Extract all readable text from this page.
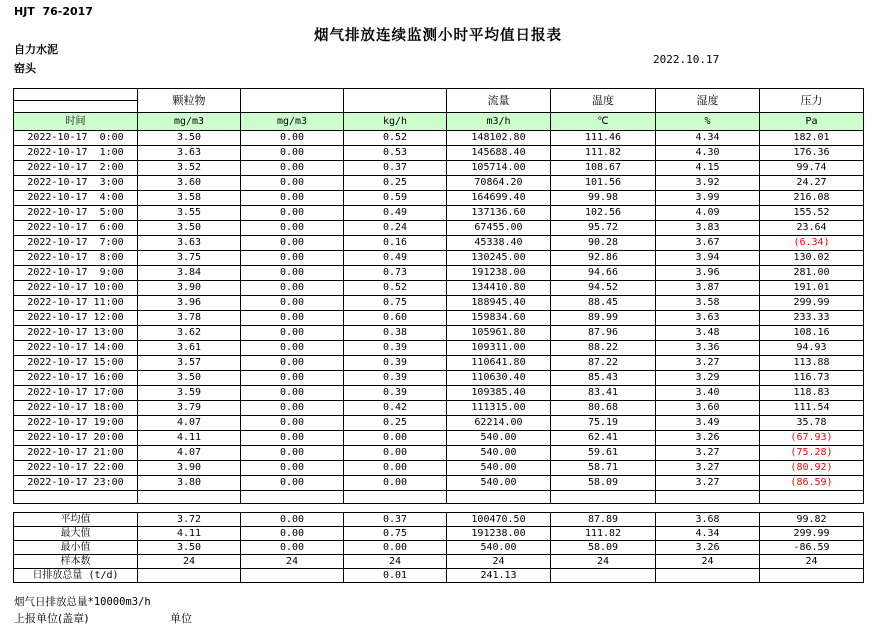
HJT  76-2017
烟气排放连续监测小时平均值日报表
自力水泥
窑头
2022.10.17
	颗粒物			流量	温度	湿度	压力
时间	mg/m3	mg/m3	kg/h	m3/h	℃	%	Pa
2022-10-17  0:00	3.50	0.00	0.52	148102.80	111.46	4.34	182.01
2022-10-17  1:00	3.63	0.00	0.53	145688.40	111.82	4.30	176.36
2022-10-17  2:00	3.52	0.00	0.37	105714.00	108.67	4.15	99.74
2022-10-17  3:00	3.60	0.00	0.25	70864.20	101.56	3.92	24.27
2022-10-17  4:00	3.58	0.00	0.59	164699.40	99.98	3.99	216.08
2022-10-17  5:00	3.55	0.00	0.49	137136.60	102.56	4.09	155.52
2022-10-17  6:00	3.50	0.00	0.24	67455.00	95.72	3.83	23.64
2022-10-17  7:00	3.63	0.00	0.16	45338.40	90.28	3.67	(6.34)
2022-10-17  8:00	3.75	0.00	0.49	130245.00	92.86	3.94	130.02
2022-10-17  9:00	3.84	0.00	0.73	191238.00	94.66	3.96	281.00
2022-10-17 10:00	3.90	0.00	0.52	134410.80	94.52	3.87	191.01
2022-10-17 11:00	3.96	0.00	0.75	188945.40	88.45	3.58	299.99
2022-10-17 12:00	3.78	0.00	0.60	159834.60	89.99	3.63	233.33
2022-10-17 13:00	3.62	0.00	0.38	105961.80	87.96	3.48	108.16
2022-10-17 14:00	3.61	0.00	0.39	109311.00	88.22	3.36	94.93
2022-10-17 15:00	3.57	0.00	0.39	110641.80	87.22	3.27	113.88
2022-10-17 16:00	3.50	0.00	0.39	110630.40	85.43	3.29	116.73
2022-10-17 17:00	3.59	0.00	0.39	109385.40	83.41	3.40	118.83
2022-10-17 18:00	3.79	0.00	0.42	111315.00	80.68	3.60	111.54
2022-10-17 19:00	4.07	0.00	0.25	62214.00	75.19	3.49	35.78
2022-10-17 20:00	4.11	0.00	0.00	540.00	62.41	3.26	(67.93)
2022-10-17 21:00	4.07	0.00	0.00	540.00	59.61	3.27	(75.28)
2022-10-17 22:00	3.90	0.00	0.00	540.00	58.71	3.27	(80.92)
2022-10-17 23:00	3.80	0.00	0.00	540.00	58.09	3.27	(86.59)

平均值	3.72	0.00	0.37	100470.50	87.89	3.68	99.82
最大值	4.11	0.00	0.75	191238.00	111.82	4.34	299.99
最小值	3.50	0.00	0.00	540.00	58.09	3.26	-86.59
样本数	24	24	24	24	24	24	24
日排放总量 (t/d)			0.01	241.13			
烟气日排放总量*10000m3/h
上报单位(盖章)	单位
